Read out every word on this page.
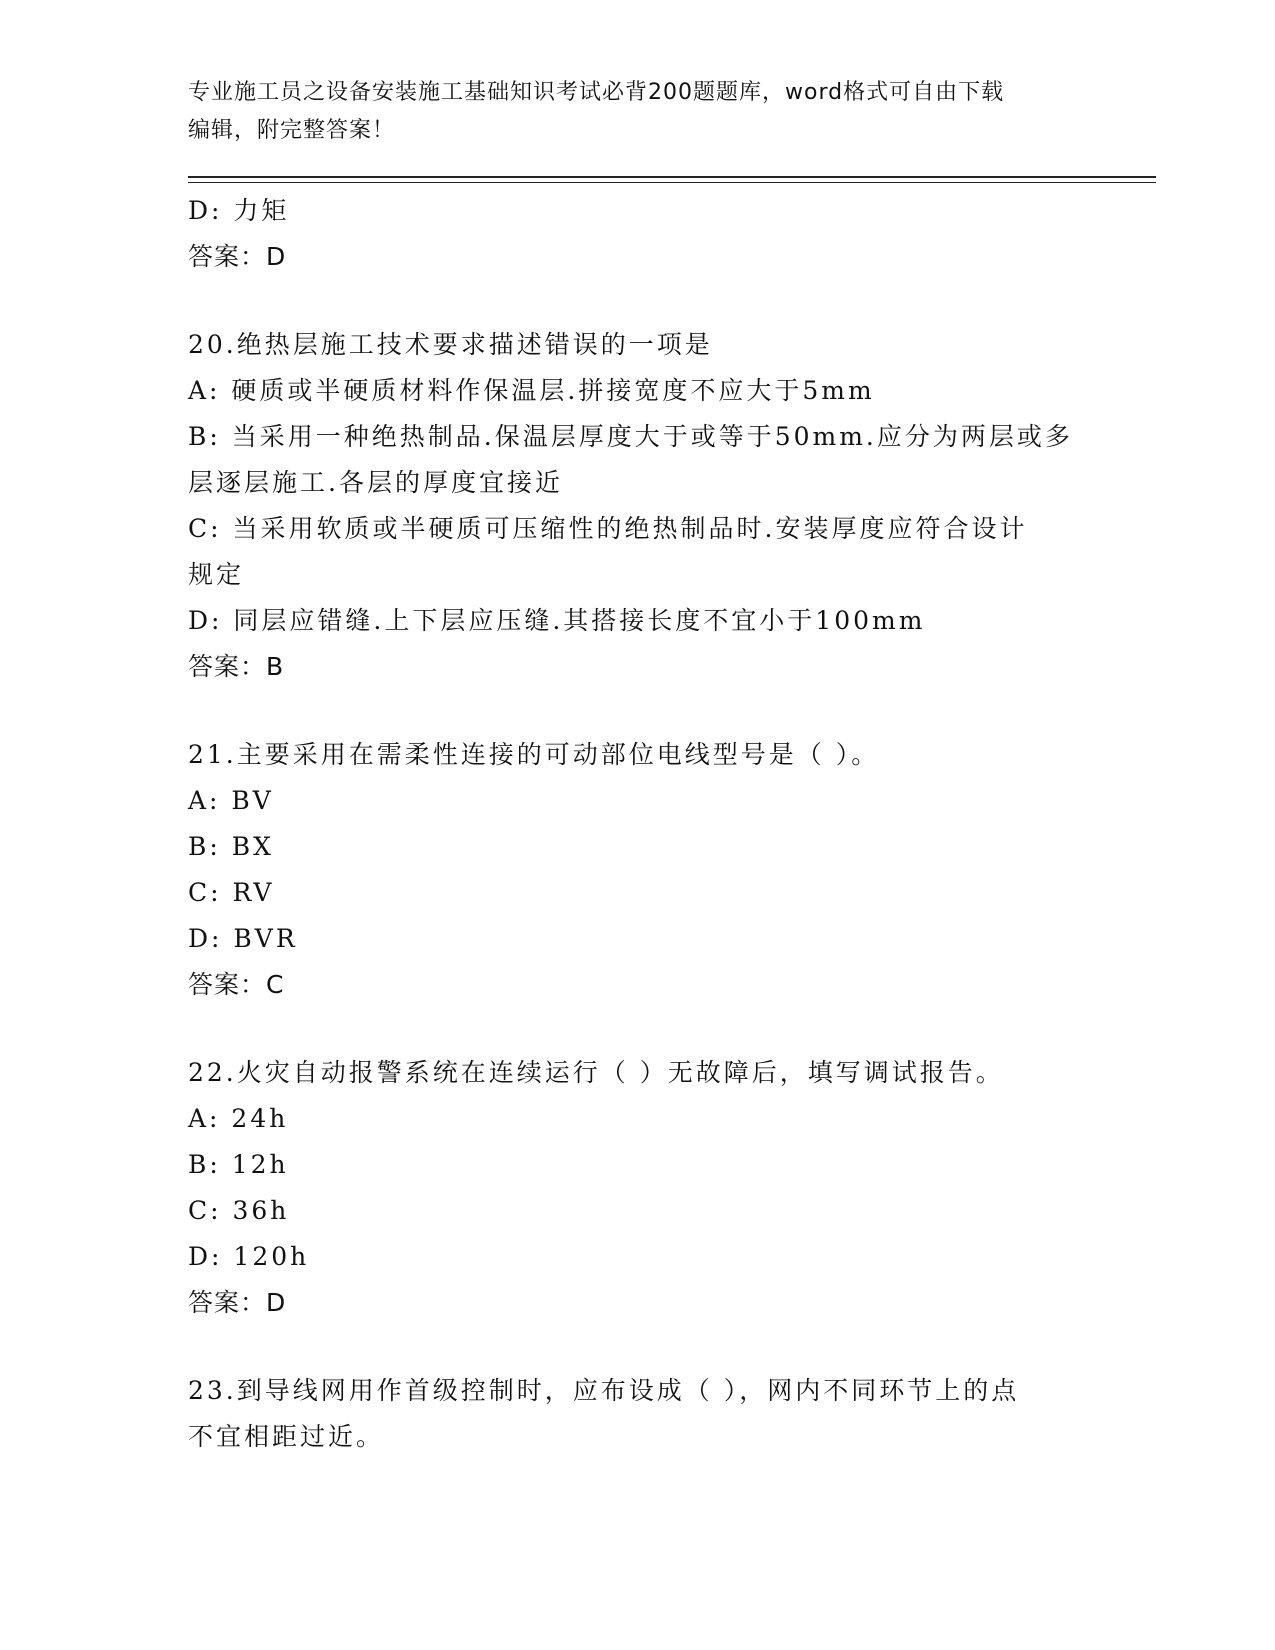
专业施工员之设备安装施工基础知识考试必背200题题库，word格式可自由下载
编辑，附完整答案！
D: 力矩
答案：D
20.绝热层施工技术要求描述错误的一项是
A: 硬质或半硬质材料作保温层.拼接宽度不应大于5mm
B: 当采用一种绝热制品.保温层厚度大于或等于50mm.应分为两层或多
层逐层施工.各层的厚度宜接近
C: 当采用软质或半硬质可压缩性的绝热制品时.安装厚度应符合设计
规定
D: 同层应错缝.上下层应压缝.其搭接长度不宜小于100mm
答案：B
21.主要采用在需柔性连接的可动部位电线型号是（ ）。
A: BV
B: BX
C: RV
D: BVR
答案：C
22.火灾自动报警系统在连续运行（ ）无故障后，填写调试报告。
A: 24h
B: 12h
C: 36h
D: 120h
答案：D
23.到导线网用作首级控制时，应布设成（ ），网内不同环节上的点
不宜相距过近。
